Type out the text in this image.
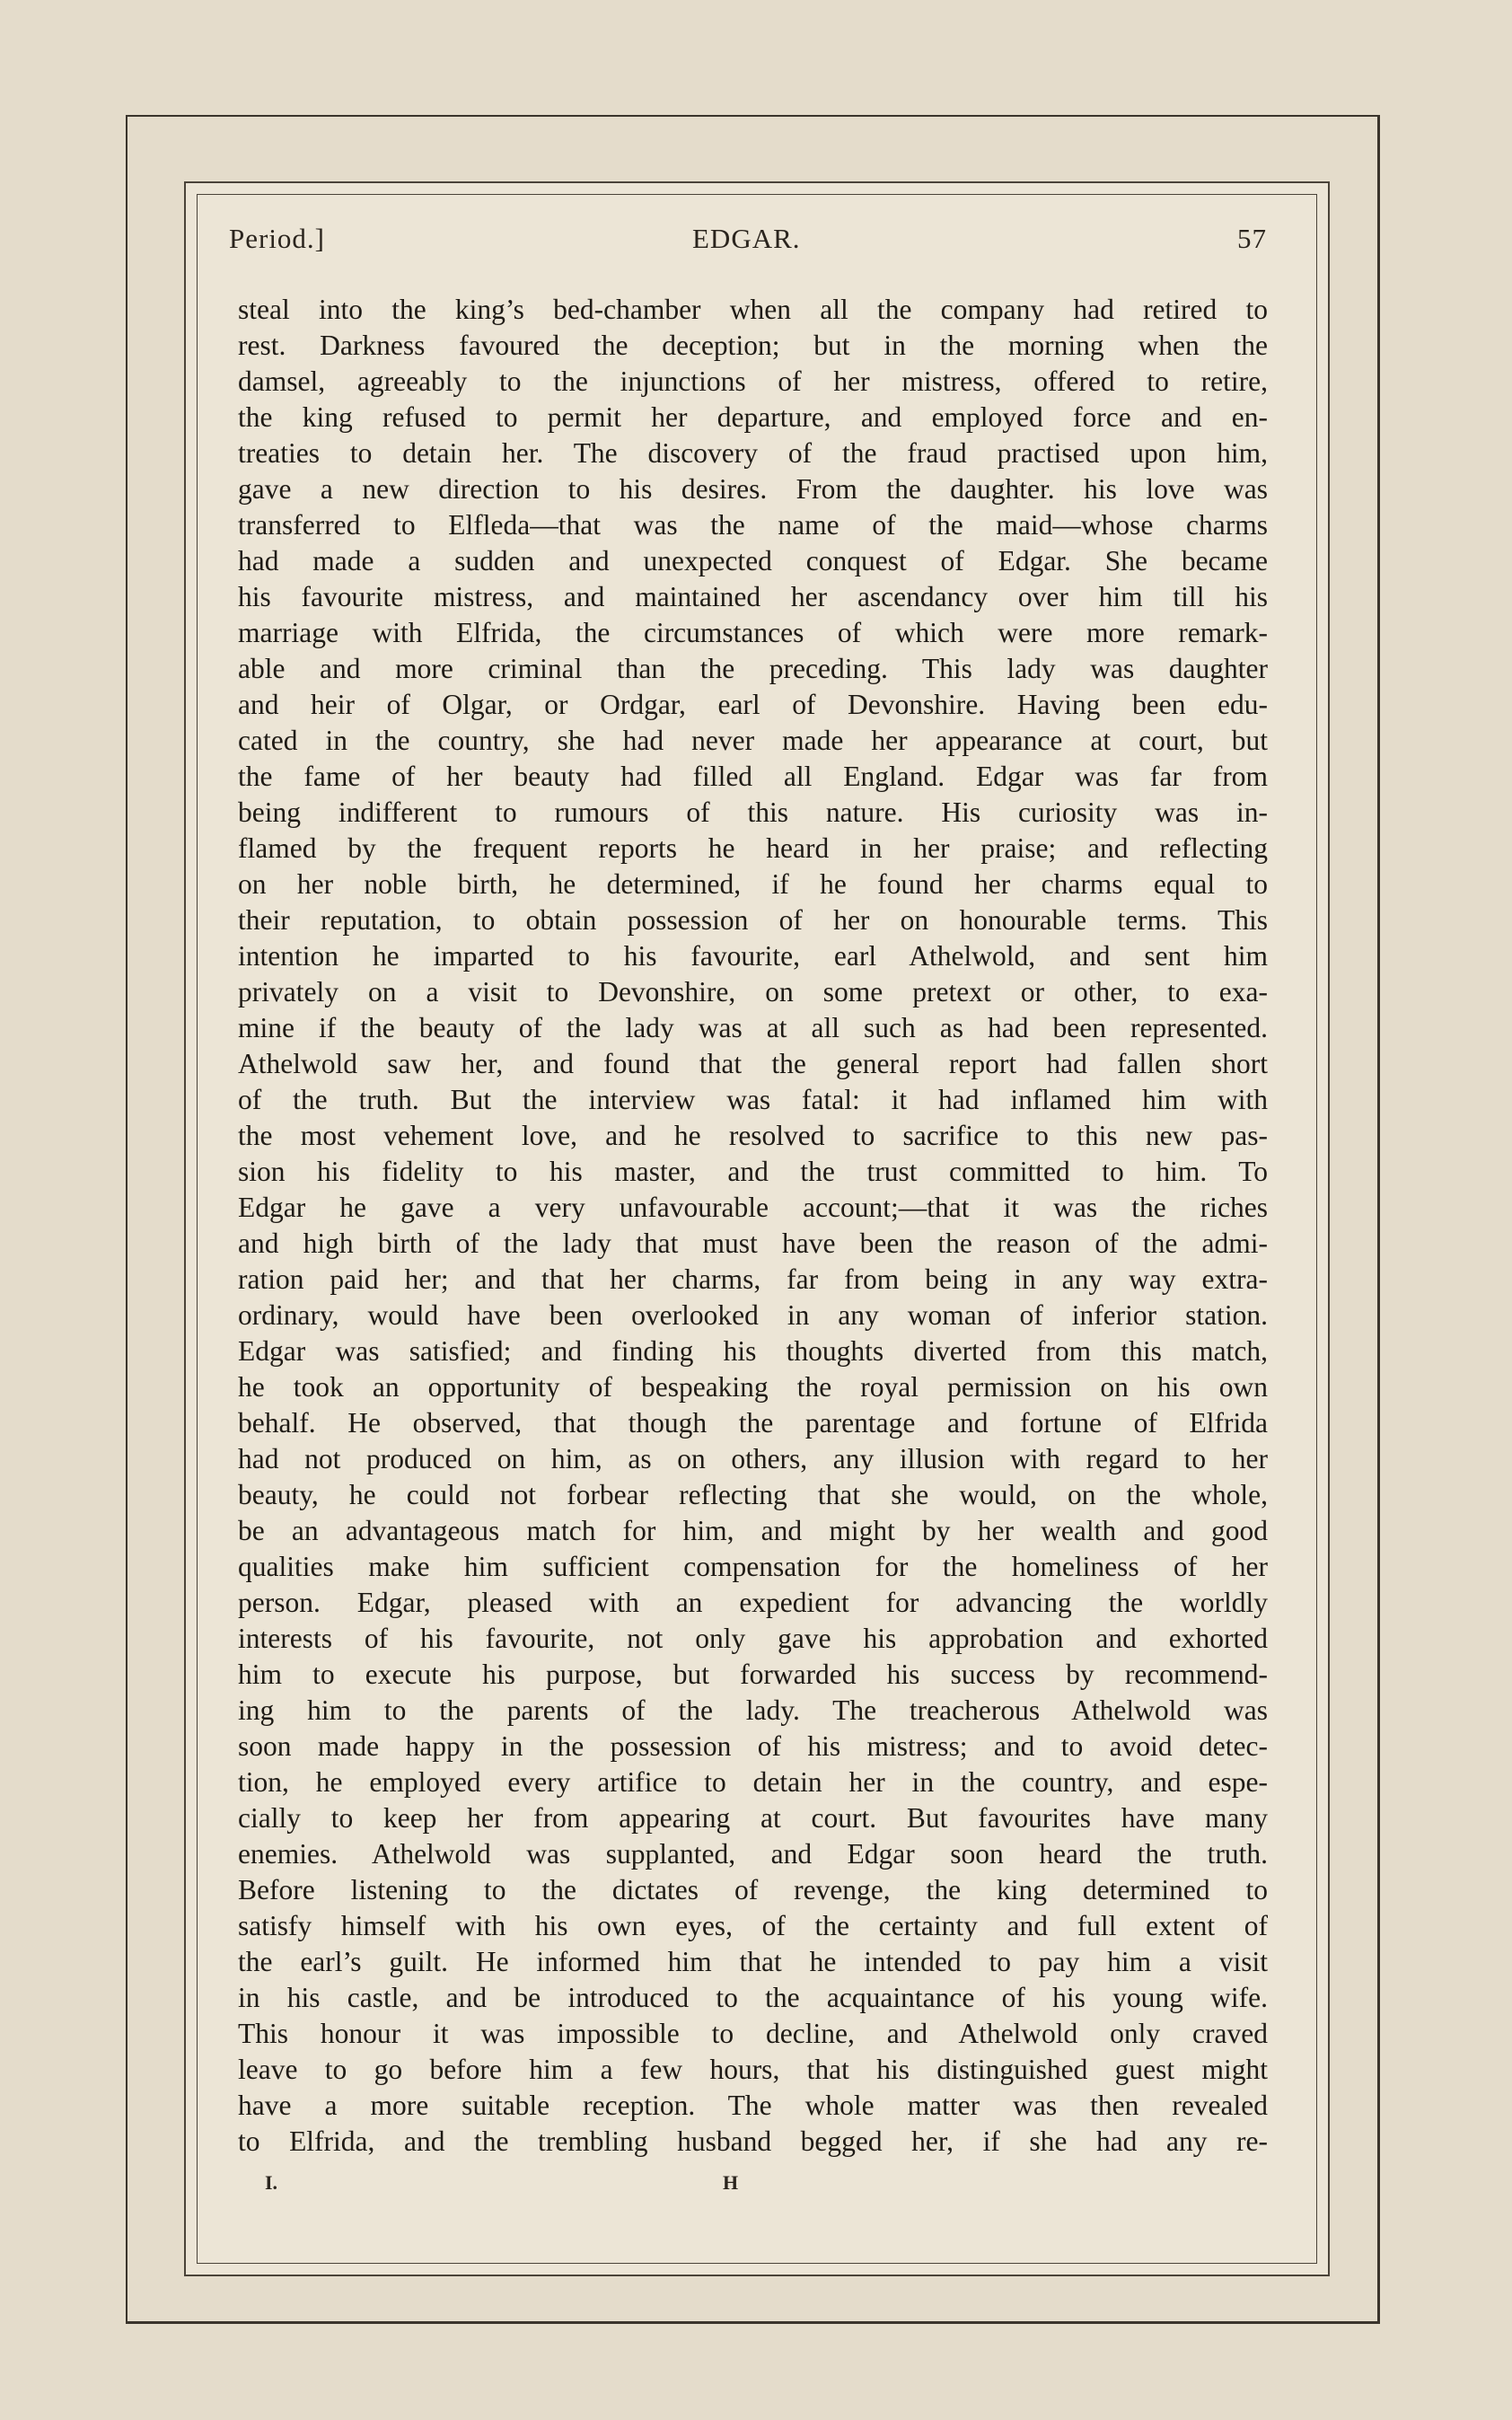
Period.]	EDGAR.	57
steal into the king’s bed-chamber when all the company had retired to
rest. Darkness favoured the deception; but in the morning when the
damsel, agreeably to the injunctions of her mistress, offered to retire,
the king refused to permit her departure, and employed force and en-
treaties to detain her. The discovery of the fraud practised upon him,
gave a new direction to his desires. From the daughter. his love was
transferred to Elfleda—that was the name of the maid—whose charms
had made a sudden and unexpected conquest of Edgar. She became
his favourite mistress, and maintained her ascendancy over him till his
marriage with Elfrida, the circumstances of which were more remark-
able and more criminal than the preceding. This lady was daughter
and heir of Olgar, or Ordgar, earl of Devonshire. Having been edu-
cated in the country, she had never made her appearance at court, but
the fame of her beauty had filled all England. Edgar was far from
being indifferent to rumours of this nature. His curiosity was in-
flamed by the frequent reports he heard in her praise; and reflecting
on her noble birth, he determined, if he found her charms equal to
their reputation, to obtain possession of her on honourable terms. This
intention he imparted to his favourite, earl Athelwold, and sent him
privately on a visit to Devonshire, on some pretext or other, to exa-
mine if the beauty of the lady was at all such as had been represented.
Athelwold saw her, and found that the general report had fallen short
of the truth. But the interview was fatal: it had inflamed him with
the most vehement love, and he resolved to sacrifice to this new pas-
sion his fidelity to his master, and the trust committed to him. To
Edgar he gave a very unfavourable account;—that it was the riches
and high birth of the lady that must have been the reason of the admi-
ration paid her; and that her charms, far from being in any way extra-
ordinary, would have been overlooked in any woman of inferior station.
Edgar was satisfied; and finding his thoughts diverted from this match,
he took an opportunity of bespeaking the royal permission on his own
behalf. He observed, that though the parentage and fortune of Elfrida
had not produced on him, as on others, any illusion with regard to her
beauty, he could not forbear reflecting that she would, on the whole,
be an advantageous match for him, and might by her wealth and good
qualities make him sufficient compensation for the homeliness of her
person. Edgar, pleased with an expedient for advancing the worldly
interests of his favourite, not only gave his approbation and exhorted
him to execute his purpose, but forwarded his success by recommend-
ing him to the parents of the lady. The treacherous Athelwold was
soon made happy in the possession of his mistress; and to avoid detec-
tion, he employed every artifice to detain her in the country, and espe-
cially to keep her from appearing at court. But favourites have many
enemies. Athelwold was supplanted, and Edgar soon heard the truth.
Before listening to the dictates of revenge, the king determined to
satisfy himself with his own eyes, of the certainty and full extent of
the earl’s guilt. He informed him that he intended to pay him a visit
in his castle, and be introduced to the acquaintance of his young wife.
This honour it was impossible to decline, and Athelwold only craved
leave to go before him a few hours, that his distinguished guest might
have a more suitable reception. The whole matter was then revealed
to Elfrida, and the trembling husband begged her, if she had any re-
I.	H
